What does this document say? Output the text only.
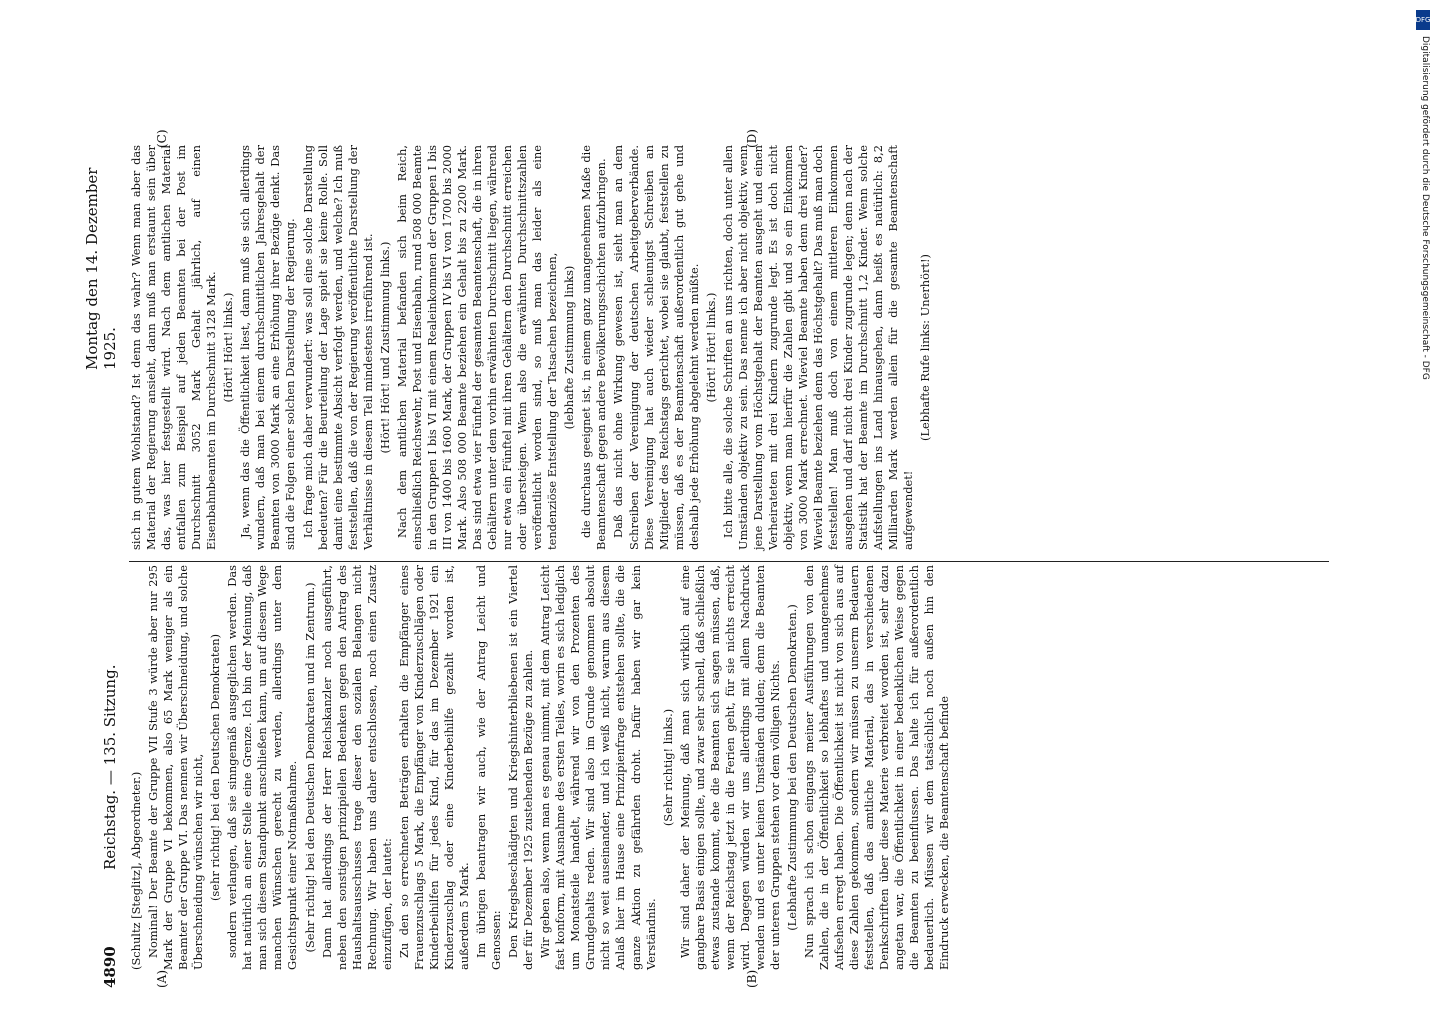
4890
Reichstag. — 135. Sitzung.
Montag den 14. Dezember 1925.
(A)	(B)
(C)	(D)

(Schultz [Steglitz], Abgeordneter.) Nominal! Der Beamte der Gruppe VII Stufe 3 würde aber nur 295 Mark der Gruppe VI bekommen, also 65 Mark weniger als ein Beamter der Gruppe VI. Das nennen wir Überschneidung, und solche Überschneidung wünschen wir nicht, (sehr richtig! bei den Deutschen Demokraten) sondern verlangen, daß sie sinngemäß ausgeglichen werden. Das hat natürlich an einer Stelle eine Grenze. Ich bin der Meinung, daß man sich diesem Standpunkt anschließen kann, um auf diesem Wege manchen Wünschen gerecht zu werden, allerdings unter dem Gesichtspunkt einer Notmaßnahme. (Sehr richtig! bei den Deutschen Demokraten und im Zentrum.) Dann hat allerdings der Herr Reichskanzler noch ausgeführt, neben den sonstigen prinzipiellen Bedenken gegen den Antrag des Haushaltsausschusses trage dieser den sozialen Belangen nicht Rechnung. Wir haben uns daher entschlossen, noch einen Zusatz einzufügen, der lautet: Zu den so errechneten Beträgen erhalten die Empfänger eines Frauenzuschlags 5 Mark, die Empfänger von Kinderzuschlägen oder Kinderbeihilfen für jedes Kind, für das im Dezember 1921 ein Kinderzuschlag oder eine Kinderbeihilfe gezahlt worden ist, außerdem 5 Mark. Im übrigen beantragen wir auch, wie der Antrag Leicht und Genossen: Den Kriegsbeschädigten und Kriegshinterbliebenen ist ein Viertel der für Dezember 1925 zustehenden Bezüge zu zahlen. Wir geben also, wenn man es genau nimmt, mit dem Antrag Leicht fast konform, mit Ausnahme des ersten Teiles, worin es sich lediglich um Monatsteile handelt, während wir von den Prozenten des Grundgehalts reden. Wir sind also im Grunde genommen absolut nicht so weit auseinander, und ich weiß nicht, warum aus diesem Anlaß hier im Hause eine Prinzipienfrage entstehen sollte, die die ganze Aktion zu gefährden droht. Dafür haben wir gar kein Verständnis.

(Sehr richtig! links.) Wir sind daher der Meinung, daß man sich wirklich auf eine gangbare Basis einigen sollte, und zwar sehr schnell, daß schließlich etwas zustande kommt, ehe die Beamten sich sagen müssen, daß, wenn der Reichstag jetzt in die Ferien geht, für sie nichts erreicht wird. Dagegen würden wir uns allerdings mit allem Nachdruck wenden und es unter keinen Umständen dulden; denn die Beamten der unteren Gruppen stehen vor dem völligen Nichts. (Lebhafte Zustimmung bei den Deutschen Demokraten.) Nun sprach ich schon eingangs meiner Ausführungen von den Zahlen, die in der Öffentlichkeit so lebhaftes und unangenehmes Aufsehen erregt haben. Die Öffentlichkeit ist nicht von sich aus auf diese Zahlen gekommen, sondern wir müssen zu unserm Bedauern feststellen, daß das amtliche Material, das in verschiedenen Denkschriften über diese Materie verbreitet worden ist, sehr dazu angetan war, die Öffentlichkeit in einer bedenklichen Weise gegen die Beamten zu beeinflussen. Das halte ich für außerordentlich bedauerlich. Müssen wir dem tatsächlich noch außen hin den Eindruck erwecken, die Beamtenschaft befinde

sich in gutem Wohlstand? Ist denn das wahr? Wenn man aber das Material der Regierung ansieht, dann muß man erstaunt sein über das, was hier festgestellt wird. Nach dem amtlichen Material entfallen zum Beispiel auf jeden Beamten bei der Post im Durchschnitt 3052 Mark Gehalt jährlich, auf einen Eisenbahnbeamten im Durchschnitt 3128 Mark. (Hört! Hört! links.) Ja, wenn das die Öffentlichkeit liest, dann muß sie sich allerdings wundern, daß man bei einem durchschnittlichen Jahresgehalt der Beamten von 3000 Mark an eine Erhöhung ihrer Bezüge denkt. Das sind die Folgen einer solchen Darstellung der Regierung. Ich frage mich daher verwundert: was soll eine solche Darstellung bedeuten? Für die Beurteilung der Lage spielt sie keine Rolle. Soll damit eine bestimmte Absicht verfolgt werden, und welche? Ich muß feststellen, daß die von der Regierung veröffentlichte Darstellung der Verhältnisse in diesem Teil mindestens irreführend ist. (Hört! Hört! und Zustimmung links.) Nach dem amtlichen Material befanden sich beim Reich, einschließlich Reichswehr, Post und Eisenbahn, rund 508 000 Beamte in den Gruppen I bis VI mit einem Realeinkommen der Gruppen I bis III von 1400 bis 1600 Mark, der Gruppen IV bis VI von 1700 bis 2000 Mark. Also 508 000 Beamte beziehen ein Gehalt bis zu 2200 Mark. Das sind etwa vier Fünftel der gesamten Beamtenschaft, die in ihren Gehältern unter dem vorhin erwähnten Durchschnitt liegen, während nur etwa ein Fünftel mit ihren Gehältern den Durchschnitt erreichen oder übersteigen. Wenn also die erwähnten Durchschnittszahlen veröffentlicht worden sind, so muß man das leider als eine tendenziöse Entstellung der Tatsachen bezeichnen, (lebhafte Zustimmung links) die durchaus geeignet ist, in einem ganz unangenehmen Maße die Beamtenschaft gegen andere Bevölkerungsschichten aufzubringen. Daß das nicht ohne Wirkung gewesen ist, sieht man an dem Schreiben der Vereinigung der deutschen Arbeitgeberverbände. Diese Vereinigung hat auch wieder schleunigst Schreiben an Mitglieder des Reichstags gerichtet, wobei sie glaubt, feststellen zu müssen, daß es der Beamtenschaft außerordentlich gut gehe und deshalb jede Erhöhung abgelehnt werden müßte. (Hört! Hört! links.) Ich bitte alle, die solche Schriften an uns richten, doch unter allen Umständen objektiv zu sein. Das nenne ich aber nicht objektiv, wenn jene Darstellung vom Höchstgehalt der Beamten ausgeht und einen Verheirateten mit drei Kindern zugrunde legt. Es ist doch nicht objektiv, wenn man hierfür die Zahlen gibt und so ein Einkommen von 3000 Mark errechnet. Wieviel Beamte haben denn drei Kinder? Wieviel Beamte beziehen denn das Höchstgehalt? Das muß man doch feststellen! Man muß doch von einem mittleren Einkommen ausgehen und darf nicht drei Kinder zugrunde legen; denn nach der Statistik hat der Beamte im Durchschnitt 1,2 Kinder. Wenn solche Aufstellungen ins Land hinausgehen, dann heißt es natürlich: 8,2 Milliarden Mark werden allein für die gesamte Beamtenschaft aufgewendet!

(Lebhafte Rufe links: Unerhört!)

DFG
Digitalisierung gefördert durch die Deutsche Forschungsgemeinschaft - DFG
